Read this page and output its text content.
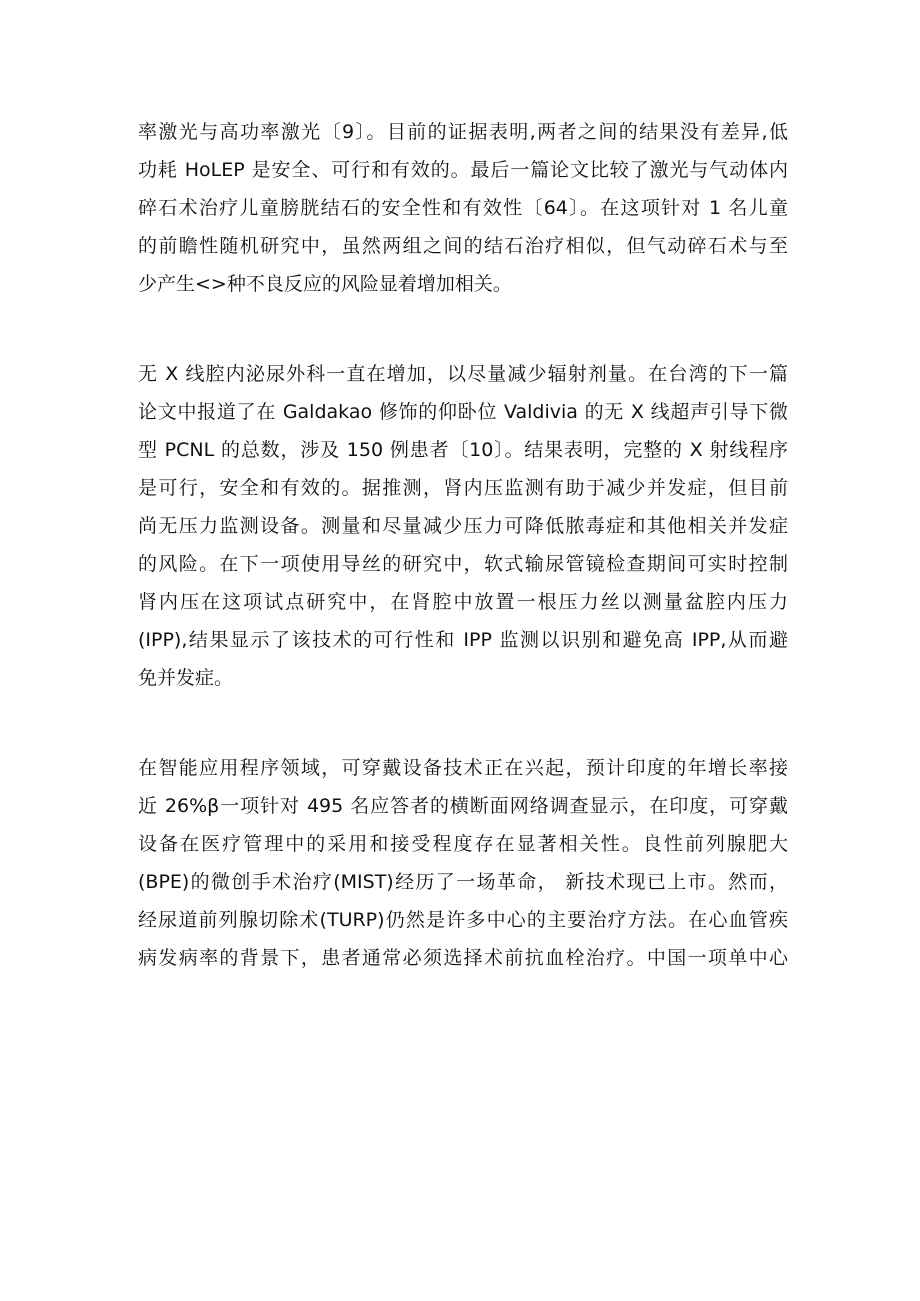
率激光与高功率激光〔9〕。目前的证据表明,两者之间的结果没有差异,低
功耗 HoLEP 是安全、可行和有效的。最后一篇论文比较了激光与气动体内
碎石术治疗儿童膀胱结石的安全性和有效性〔64〕。在这项针对 1 名儿童
的前瞻性随机研究中，虽然两组之间的结石治疗相似，但气动碎石术与至
少产生<>种不良反应的风险显着增加相关。
无 X 线腔内泌尿外科一直在增加，以尽量减少辐射剂量。在台湾的下一篇
论文中报道了在 Galdakao 修饰的仰卧位 Valdivia 的无 X 线超声引导下微
型 PCNL 的总数，涉及 150 例患者〔10〕。结果表明，完整的 X 射线程序
是可行，安全和有效的。据推测，肾内压监测有助于减少并发症，但目前
尚无压力监测设备。测量和尽量减少压力可降低脓毒症和其他相关并发症
的风险。在下一项使用导丝的研究中，软式输尿管镜检查期间可实时控制
肾内压在这项试点研究中，在肾腔中放置一根压力丝以测量盆腔内压力
(IPP),结果显示了该技术的可行性和 IPP 监测以识别和避免高 IPP,从而避
免并发症。
在智能应用程序领域，可穿戴设备技术正在兴起，预计印度的年增长率接
近 26%β一项针对 495 名应答者的横断面网络调查显示，在印度，可穿戴
设备在医疗管理中的采用和接受程度存在显著相关性。良性前列腺肥大
(BPE)的微创手术治疗(MIST)经历了一场革命， 新技术现已上市。然而，
经尿道前列腺切除术(TURP)仍然是许多中心的主要治疗方法。在心血管疾
病发病率的背景下，患者通常必须选择术前抗血栓治疗。中国一项单中心
